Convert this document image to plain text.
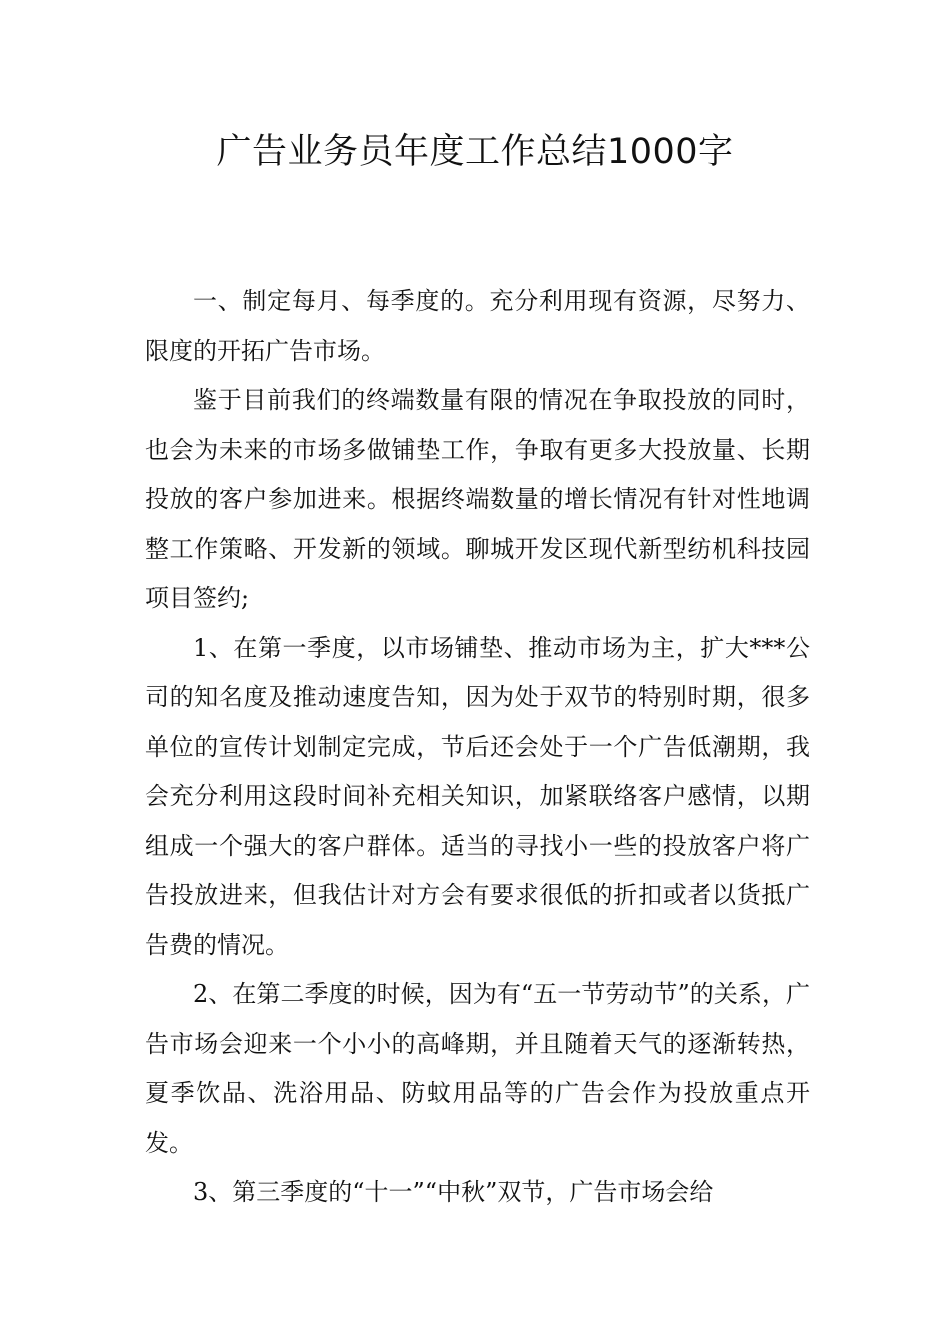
广告业务员年度工作总结1000字

一、制定每月、每季度的。充分利用现有资源，尽努力、限度的开拓广告市场。

鉴于目前我们的终端数量有限的情况在争取投放的同时，也会为未来的市场多做铺垫工作，争取有更多大投放量、长期投放的客户参加进来。根据终端数量的增长情况有针对性地调整工作策略、开发新的领域。聊城开发区现代新型纺机科技园项目签约;

1、在第一季度，以市场铺垫、推动市场为主，扩大***公司的知名度及推动速度告知，因为处于双节的特别时期，很多单位的宣传计划制定完成，节后还会处于一个广告低潮期，我会充分利用这段时间补充相关知识，加紧联络客户感情，以期组成一个强大的客户群体。适当的寻找小一些的投放客户将广告投放进来，但我估计对方会有要求很低的折扣或者以货抵广告费的情况。

2、在第二季度的时候，因为有“五一节劳动节”的关系，广告市场会迎来一个小小的高峰期，并且随着天气的逐渐转热，夏季饮品、洗浴用品、防蚊用品等的广告会作为投放重点开发。

3、第三季度的“十一”“中秋”双节，广告市场会给
